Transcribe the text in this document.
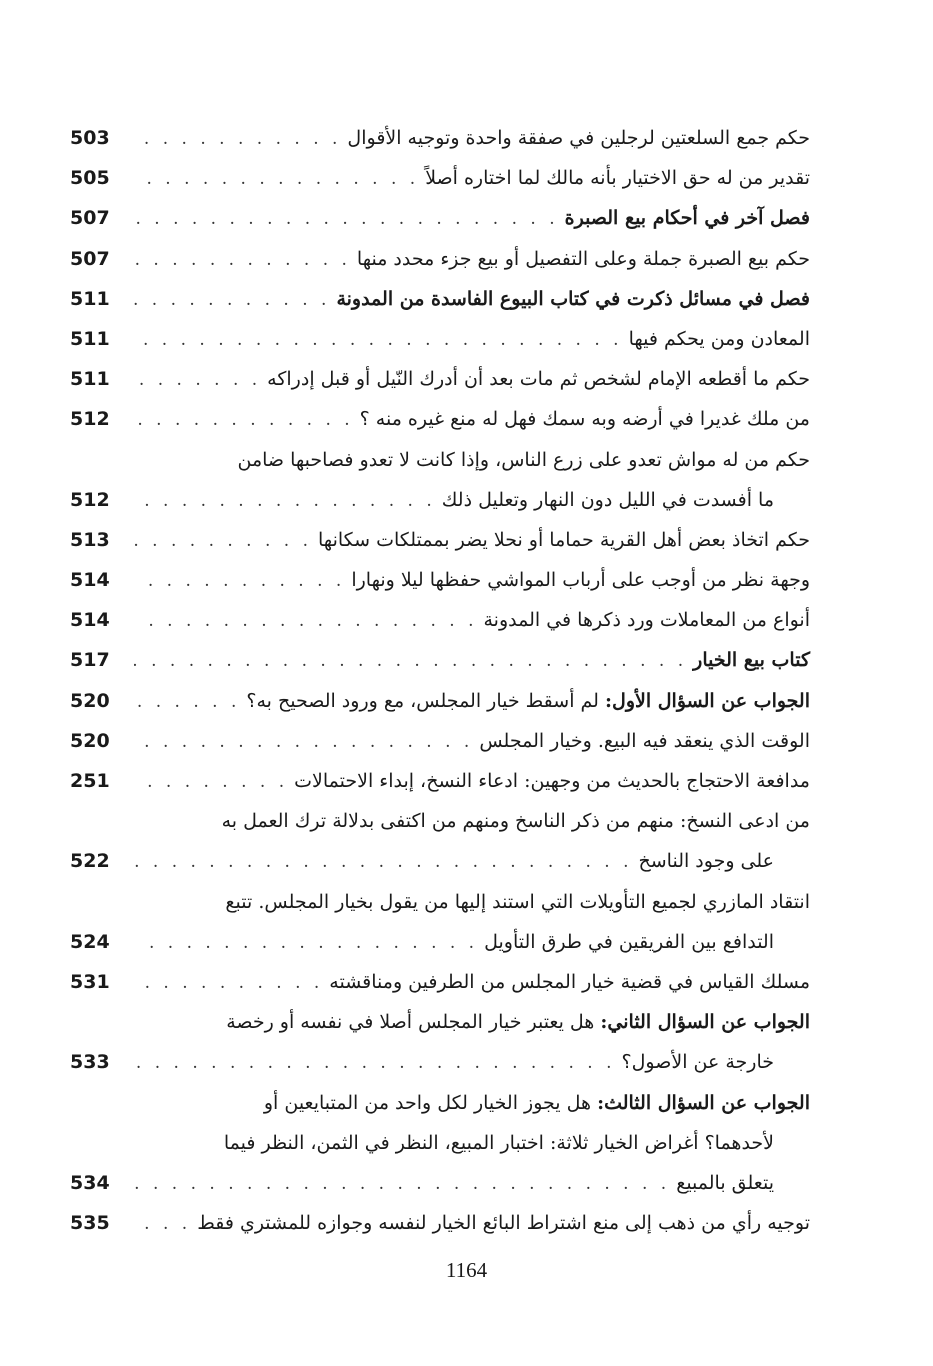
حكم جمع السلعتين لرجلين في صفقة واحدة وتوجيه الأقوال
. . .
503
تقدير من له حق الاختيار بأنه مالك لما اختاره أصلاً
. . .
505
فصل آخر في أحكام بيع الصبرة
. . .
507
حكم بيع الصبرة جملة وعلى التفصيل أو بيع جزء محدد منها
. . .
507
فصل في مسائل ذكرت في كتاب البيوع الفاسدة من المدونة
. . .
511
المعادن ومن يحكم فيها
. . .
511
حكم ما أقطعه الإمام لشخص ثم مات بعد أن أدرك النّيل أو قبل إدراكه
. . .
511
من ملك غديرا في أرضه وبه سمك فهل له منع غيره منه ؟
. . .
512
حكم من له مواش تعدو على زرع الناس، وإذا كانت لا تعدو فصاحبها ضامن
ما أفسدت في الليل دون النهار وتعليل ذلك
. . .
512
حكم اتخاذ بعض أهل القرية حماما أو نحلا يضر بممتلكات سكانها
. . .
513
وجهة نظر من أوجب على أرباب المواشي حفظها ليلا ونهارا
. . .
514
أنواع من المعاملات ورد ذكرها في المدونة
. . .
514
كتاب بيع الخيار
. . .
517
الجواب عن السؤال الأول: لم أسقط خيار المجلس، مع ورود الصحيح به؟
. . .
520
الوقت الذي ينعقد فيه البيع. وخيار المجلس
. . .
520
مدافعة الاحتجاج بالحديث من وجهين: ادعاء النسخ، إبداء الاحتمالات
. . .
251
من ادعى النسخ: منهم من ذكر الناسخ ومنهم من اكتفى بدلالة ترك العمل به
على وجود الناسخ
. . .
522
انتقاد المازري لجميع التأويلات التي استند إليها من يقول بخيار المجلس. تتبع
التدافع بين الفريقين في طرق التأويل
. . .
524
مسلك القياس في قضية خيار المجلس من الطرفين ومناقشته
. . .
531
الجواب عن السؤال الثاني: هل يعتبر خيار المجلس أصلا في نفسه أو رخصة
خارجة عن الأصول؟
. . .
533
الجواب عن السؤال الثالث: هل يجوز الخيار لكل واحد من المتبايعين أو
لأحدهما؟ أغراض الخيار ثلاثة: اختبار المبيع، النظر في الثمن، النظر فيما
يتعلق بالمبيع
. . .
534
توجيه رأي من ذهب إلى منع اشتراط البائع الخيار لنفسه وجوازه للمشتري فقط
. . .
535
1164
